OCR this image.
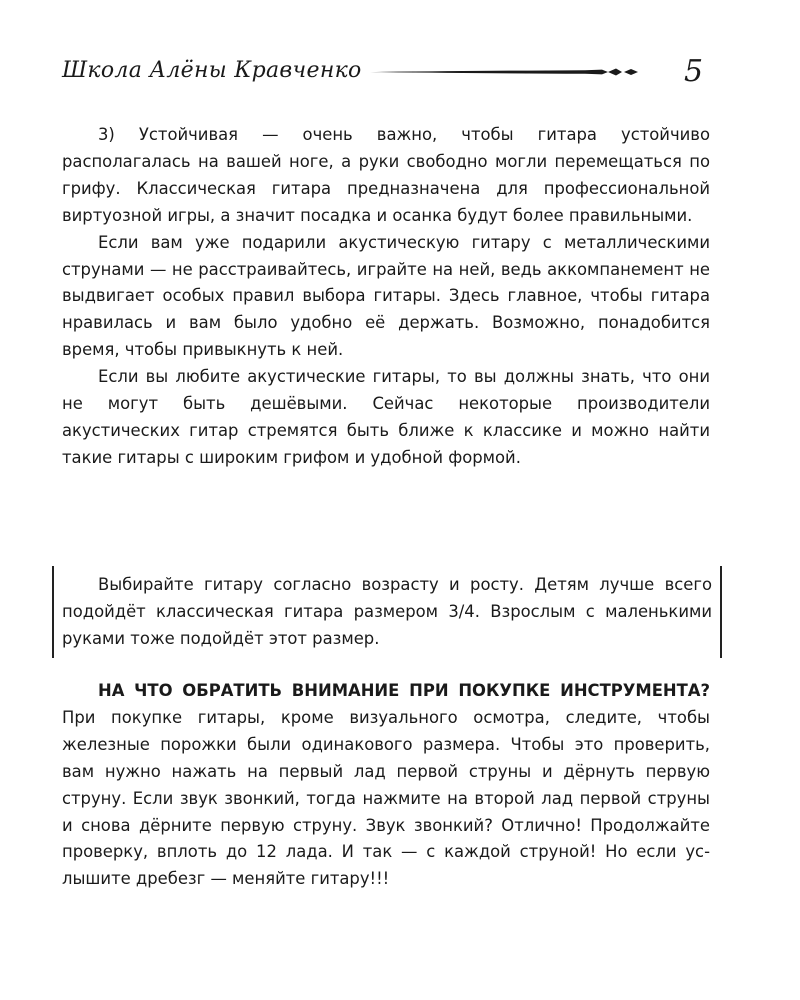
Школа Алёны Кравченко	5

3) Устойчивая — очень важно, чтобы гитара устойчиво располагалась на вашей ноге, а руки свободно могли перемещаться по грифу. Классическая гитара предназначена для профессиональной виртуозной игры, а значит посадка и осанка будут более правильными.

Если вам уже подарили акустическую гитару с металлическими струнами — не расстраивайтесь, играйте на ней, ведь аккомпанемент не выдвигает особых правил выбора гитары. Здесь главное, чтобы гитара нравилась и вам было удобно её держать. Возможно, понадобится время, чтобы привыкнуть к ней.

Если вы любите акустические гитары, то вы должны знать, что они не могут быть дешёвыми. Сейчас некоторые производители акустических гитар стремятся быть ближе к классике и можно найти такие гитары с широким грифом и удобной формой.

Выбирайте гитару согласно возрасту и росту. Детям лучше всего подойдёт классическая гитара размером 3/4. Взрослым с маленькими руками тоже подойдёт этот размер.

НА ЧТО ОБРАТИТЬ ВНИМАНИЕ ПРИ ПОКУПКЕ ИНСТРУМЕНТА? При покупке гитары, кроме визуального осмотра, следите, чтобы железные порожки были одинакового размера. Чтобы это проверить, вам нужно нажать на первый лад первой струны и дёрнуть первую струну. Если звук звонкий, тогда нажмите на второй лад первой струны и снова дёрните первую струну. Звук звонкий? Отлично! Продолжайте проверку, вплоть до 12 лада. И так — с каждой струной! Но если услышите дребезг — меняйте гитару!!!
